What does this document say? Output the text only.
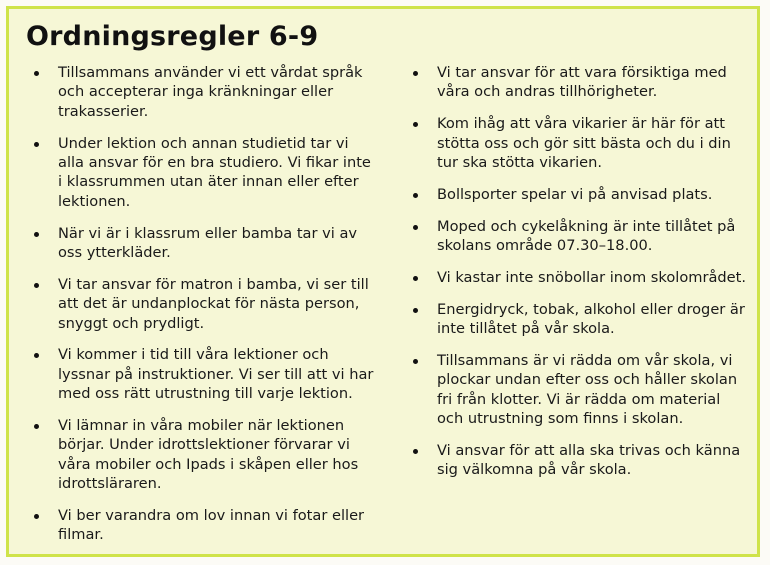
Ordningsregler 6-9
Tillsammans använder vi ett vårdat språk och accepterar inga kränkningar eller trakasserier.
Under lektion och annan studietid tar vi alla ansvar för en bra studiero. Vi fikar inte i klassrummen utan äter innan eller efter lektionen.
När vi är i klassrum eller bamba tar vi av oss ytterkläder.
Vi tar ansvar för matron i bamba, vi ser till att det är undanplockat för nästa person, snyggt och prydligt.
Vi kommer i tid till våra lektioner och lyssnar på instruktioner. Vi ser till att vi har med oss rätt utrustning till varje lektion.
Vi lämnar in våra mobiler när lektionen börjar. Under idrottslektioner förvarar vi våra mobiler och Ipads i skåpen eller hos idrottsläraren.
Vi ber varandra om lov innan vi fotar eller filmar.
Vi tar ansvar för att vara försiktiga med våra och andras tillhörigheter.
Kom ihåg att våra vikarier är här för att stötta oss och gör sitt bästa och du i din tur ska stötta vikarien.
Bollsporter spelar vi på anvisad plats.
Moped och cykelåkning är inte tillåtet på skolans område 07.30–18.00.
Vi kastar inte snöbollar inom skolområdet.
Energidryck, tobak, alkohol eller droger är inte tillåtet på vår skola.
Tillsammans är vi rädda om vår skola, vi plockar undan efter oss och håller skolan fri från klotter. Vi är rädda om material och utrustning som finns i skolan.
Vi ansvar för att alla ska trivas och känna sig välkomna på vår skola.
